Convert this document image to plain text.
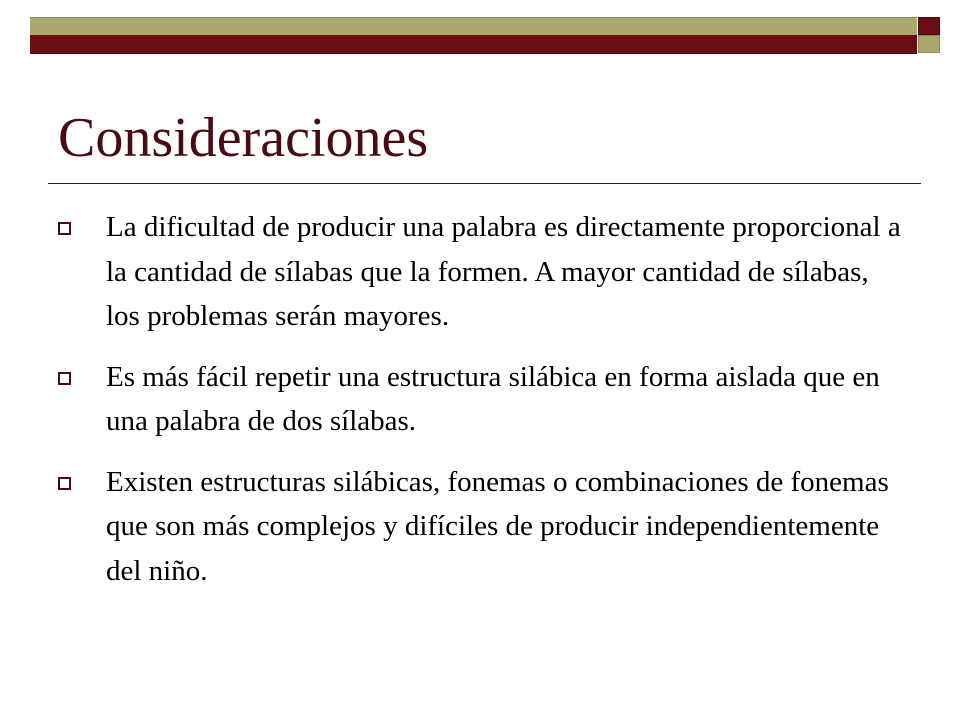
Consideraciones
La dificultad de producir una palabra es directamente proporcional a la cantidad de sílabas que la formen. A mayor cantidad de sílabas, los problemas serán mayores.
Es más fácil repetir una estructura silábica en forma aislada que en una palabra de dos sílabas.
Existen estructuras silábicas, fonemas o combinaciones de fonemas que son más complejos y difíciles de producir independientemente del niño.
